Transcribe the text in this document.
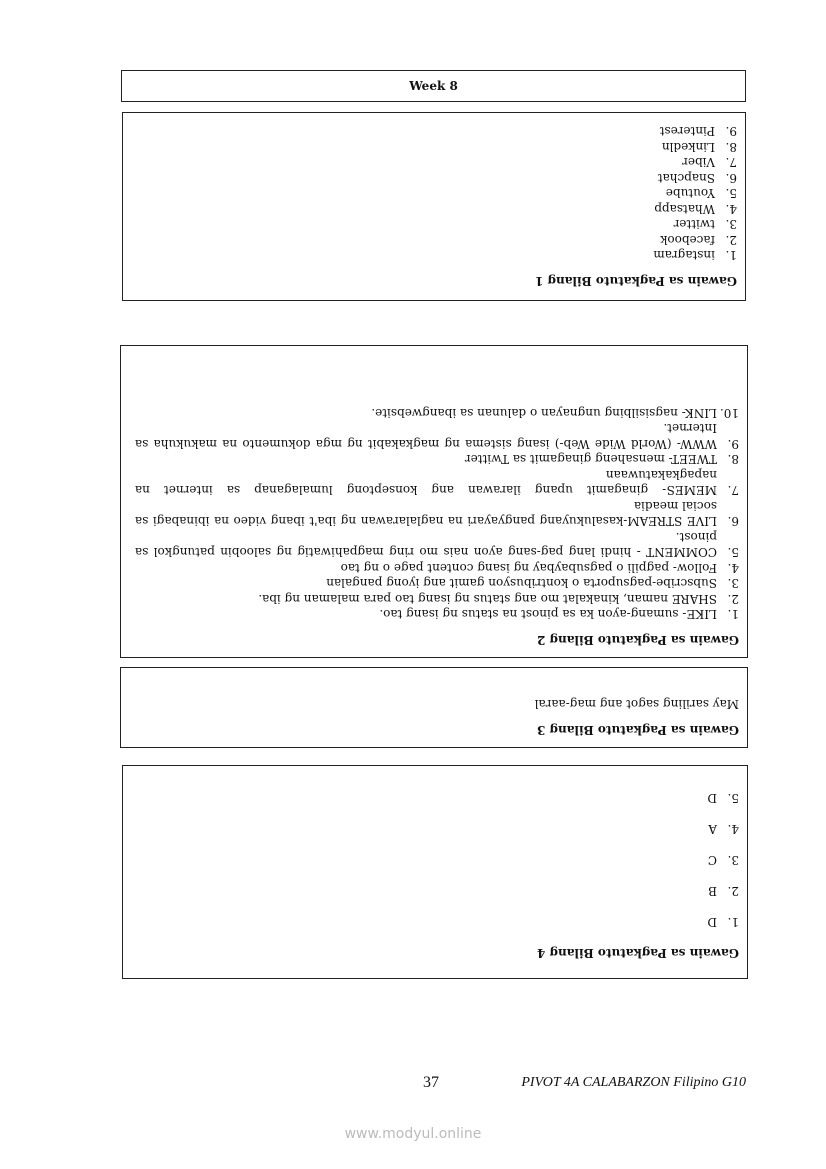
Week 8
Gawain sa Pagkatuto Bilang 1
1.
instagram
2.
facebook
3.
twitter
4.
Whatsapp
5.
Youtube
6.
Snapchat
7.
Viber
8.
Linkedln
9.
Pinterest
Gawain sa Pagkatuto Bilang 2
1.
LIKE- sumang-ayon ka sa pinost na status ng isang tao.
2.
SHARE naman, kinakalat mo ang status ng isang tao para malaman ng iba.
3.
Subscribe-pagsuporta o kontribusyon gamit ang iyong pangalan
4.
Follow- pagpili o pagsubaybay ng isang content page o ng tao
5.
COMMENT - hindi lang pag-sang ayon nais mo ring magpahiwatig ng saloobin patungkol sa pinost.
6.
LIVE STREAM-kasalukuyang pangyayari na naglalarawan ng iba't ibang video na ibinabagi sa social meadia
7.
MEMES- ginagamit upang ilarawan ang konseptong lumalaganap sa internet na napagkakatuwaan
8.
TWEET- mensaheng ginagamit sa Twitter
9.
WWW- (World Wide Web-) isang sistema ng magkakabit ng mga dokumento na makukuha sa Internet.
10.
LINK- nagsisilbing ungnayan o dalunan sa ibangwebsite.
Gawain sa Pagkatuto Bilang 3
May sariling sagot ang mag-aaral
Gawain sa Pagkatuto Bilang 4
1.
D
2.
B
3.
C
4.
A
5.
D
37	PIVOT 4A CALABARZON Filipino G10
www.modyul.online
